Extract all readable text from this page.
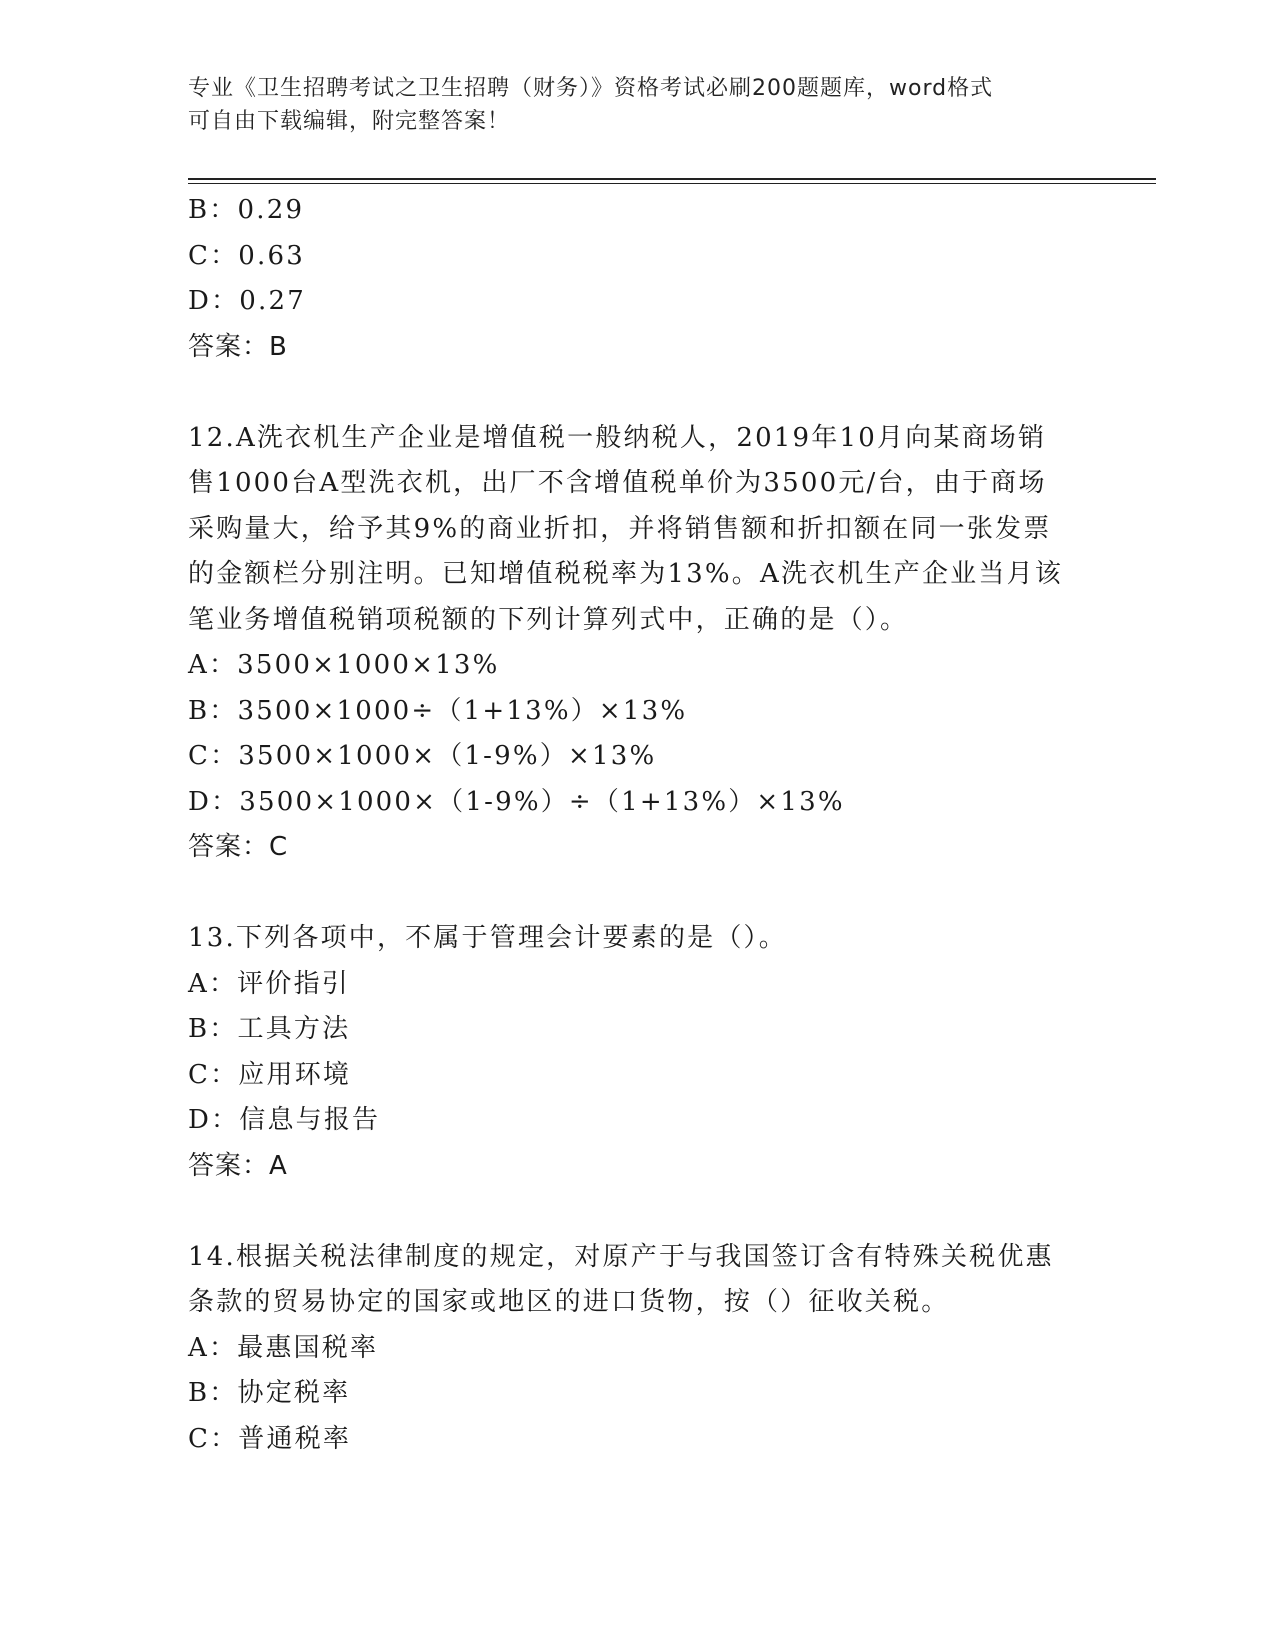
专业《卫生招聘考试之卫生招聘（财务）》资格考试必刷200题题库，word格式
可自由下载编辑，附完整答案！
B：0.29
C：0.63
D：0.27
答案：B
12.A洗衣机生产企业是增值税一般纳税人，2019年10月向某商场销
售1000台A型洗衣机，出厂不含增值税单价为3500元/台，由于商场
采购量大，给予其9%的商业折扣，并将销售额和折扣额在同一张发票
的金额栏分别注明。已知增值税税率为13%。A洗衣机生产企业当月该
笔业务增值税销项税额的下列计算列式中，正确的是（）。
A：3500×1000×13%
B：3500×1000÷（1+13%）×13%
C：3500×1000×（1-9%）×13%
D：3500×1000×（1-9%）÷（1+13%）×13%
答案：C
13.下列各项中，不属于管理会计要素的是（）。
A：评价指引
B：工具方法
C：应用环境
D：信息与报告
答案：A
14.根据关税法律制度的规定，对原产于与我国签订含有特殊关税优惠
条款的贸易协定的国家或地区的进口货物，按（）征收关税。
A：最惠国税率
B：协定税率
C：普通税率
